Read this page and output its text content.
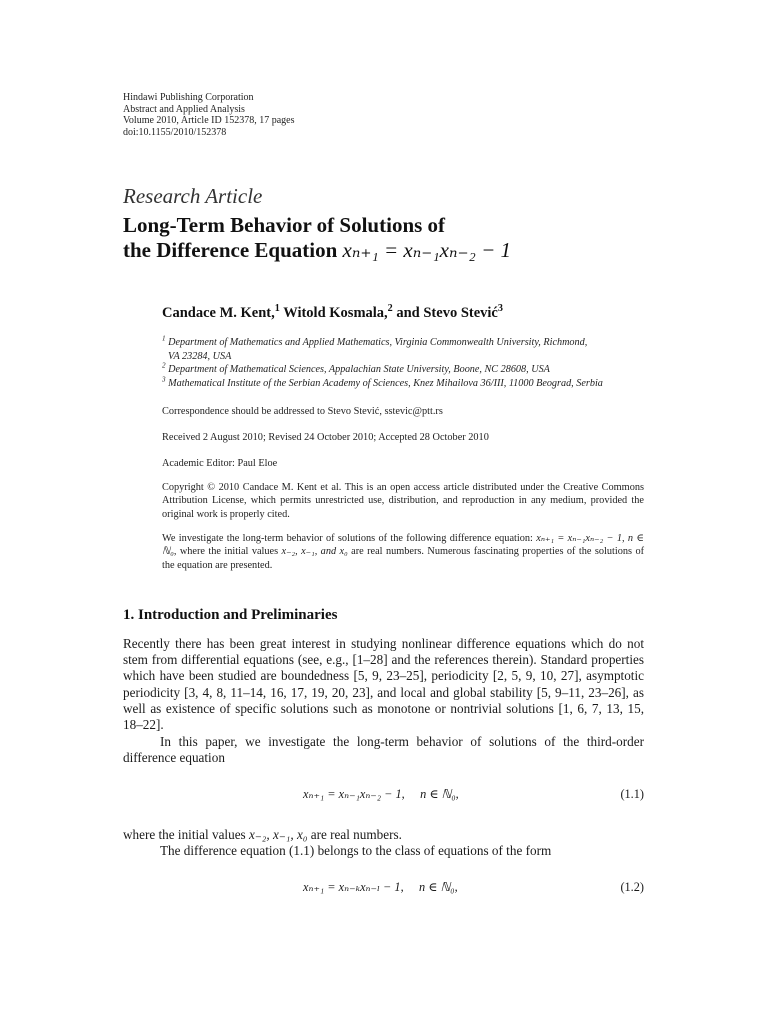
Hindawi Publishing Corporation
Abstract and Applied Analysis
Volume 2010, Article ID 152378, 17 pages
doi:10.1155/2010/152378
Research Article
Long-Term Behavior of Solutions of
the Difference Equation xₙ₊₁ = xₙ₋₁xₙ₋₂ − 1
Candace M. Kent,$^1$ Witold Kosmala,$^2$ and Stevo Stević$^3$
$^1$ Department of Mathematics and Applied Mathematics, Virginia Commonwealth University, Richmond,
VA 23284, USA
$^2$ Department of Mathematical Sciences, Appalachian State University, Boone, NC 28608, USA
$^3$ Mathematical Institute of the Serbian Academy of Sciences, Knez Mihailova 36/III, 11000 Beograd, Serbia
Correspondence should be addressed to Stevo Stević, sstevic@ptt.rs
Received 2 August 2010; Revised 24 October 2010; Accepted 28 October 2010
Academic Editor: Paul Eloe
Copyright © 2010 Candace M. Kent et al. This is an open access article distributed under the Creative Commons Attribution License, which permits unrestricted use, distribution, and reproduction in any medium, provided the original work is properly cited.
We investigate the long-term behavior of solutions of the following difference equation: xₙ₊₁ = xₙ₋₁xₙ₋₂ − 1, n ∈ ℕ₀, where the initial values x₋₂, x₋₁, and x₀ are real numbers. Numerous fascinating properties of the solutions of the equation are presented.
1. Introduction and Preliminaries
Recently there has been great interest in studying nonlinear difference equations which do not stem from differential equations (see, e.g., [1–28] and the references therein). Standard properties which have been studied are boundedness [5, 9, 23–25], periodicity [2, 5, 9, 10, 27], asymptotic periodicity [3, 4, 8, 11–14, 16, 17, 19, 20, 23], and local and global stability [5, 9–11, 23–26], as well as existence of specific solutions such as monotone or nontrivial solutions [1, 6, 7, 13, 15, 18–22].
In this paper, we investigate the long-term behavior of solutions of the third-order difference equation
xₙ₊₁ = xₙ₋₁xₙ₋₂ − 1, n ∈ ℕ₀,	(1.1)
where the initial values x₋₂, x₋₁, x₀ are real numbers.
The difference equation (1.1) belongs to the class of equations of the form
xₙ₊₁ = xₙ₋ₖxₙ₋ₗ − 1, n ∈ ℕ₀,	(1.2)
